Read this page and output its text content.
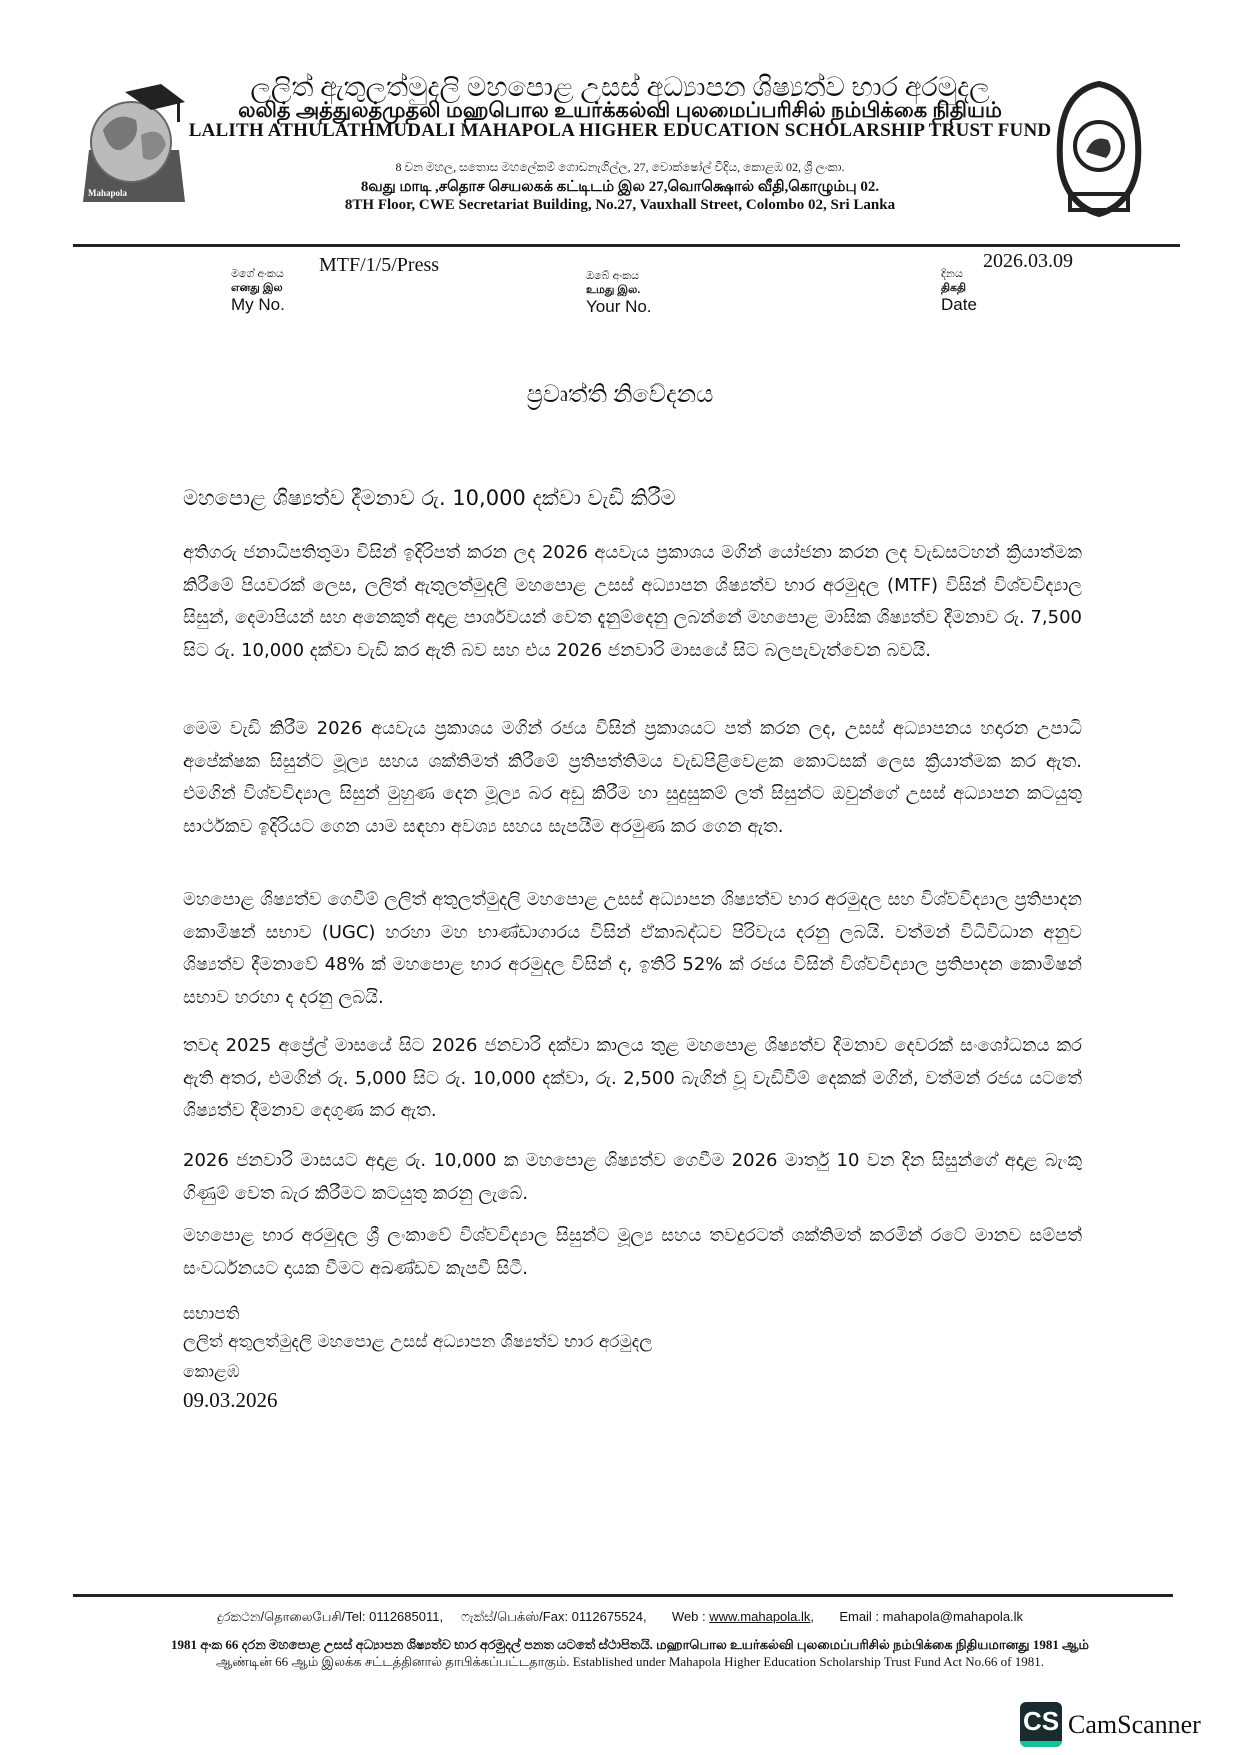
Mahapola
ලලිත් ඇතුලත්මුදලි මහපොළ උසස් අධ්‍යාපන ශිෂ්‍යත්ව භාර අරමුදල
லலித் அத்துலத்முதலி மஹபொல உயர்க்கல்வி புலமைப்பரிசில் நம்பிக்கை நிதியம்
LALITH ATHULATHMUDALI MAHAPOLA HIGHER EDUCATION SCHOLARSHIP TRUST FUND
8 වන මහල, සතොස මහලේකම් ගොඩනැගිල්ල, 27, වොක්ෂෝල් වීදිය, කොළඹ 02, ශ්‍රී ලංකා.
8வது மாடி ,சதொச செயலகக் கட்டிடம் இல 27,வொக்ஷொல் வீதி,கொழும்பு 02.
8TH Floor, CWE Secretariat Building, No.27, Vauxhall Street, Colombo 02, Sri Lanka
මගේ අංකය
எனது இல
My No.
MTF/1/5/Press	ඔබේ අංකය
உமது இல.
Your No.
දිනය
திகதி
Date
2026.03.09
ප්‍රවෘත්ති නිවේදනය
මහපොළ ශිෂ්‍යත්ව දීමනාව රු. 10,000 දක්වා වැඩි කිරීම

අතිගරු ජනාධිපතිතුමා විසින් ඉදිරිපත් කරන ලද 2026 අයවැය ප්‍රකාශය මගින් යෝජනා කරන ලද වැඩසටහන් ක්‍රියාත්මක කිරීමේ පියවරක් ලෙස, ලලිත් ඇතුලත්මුදලි මහපොළ උසස් අධ්‍යාපන ශිෂ්‍යත්ව භාර අරමුදල (MTF) විසින් විශ්වවිද්‍යාල සිසුන්, දෙමාපියන් සහ අනෙකුත් අදාළ පාර්ශවයන් වෙත දැනුම්දෙනු ලබන්නේ මහපොළ මාසික ශිෂ්‍යත්ව දීමනාව රු. 7,500 සිට රු. 10,000 දක්වා වැඩි කර ඇති බව සහ එය 2026 ජනවාරි මාසයේ සිට බලපැවැත්වෙන බවයි.

මෙම වැඩි කිරීම 2026 අයවැය ප්‍රකාශය මගින් රජය විසින් ප්‍රකාශයට පත් කරන ලද, උසස් අධ්‍යාපනය හදාරන උපාධි අපේක්ෂක සිසුන්ට මූල්‍ය සහය ශක්තිමත් කිරීමේ ප්‍රතිපත්තිමය වැඩපිළිවෙළක කොටසක් ලෙස ක්‍රියාත්මක කර ඇත. එමගින් විශ්වවිද්‍යාල සිසුන් මුහුණ දෙන මූල්‍ය බර අඩු කිරීම හා සුදුසුකම් ලත් සිසුන්ට ඔවුන්ගේ උසස් අධ්‍යාපන කටයුතු සාර්ථකව ඉදිරියට ගෙන යාම සඳහා අවශ්‍ය සහය සැපයීම අරමුණ කර ගෙන ඇත.

මහපොළ ශිෂ්‍යත්ව ගෙවීම් ලලිත් අතුලත්මුදලි මහපොළ උසස් අධ්‍යාපන ශිෂ්‍යත්ව භාර අරමුදල සහ විශ්වවිද්‍යාල ප්‍රතිපාදන කොමිෂන් සභාව (UGC) හරහා මහ භාණ්ඩාගාරය විසින් ඒකාබද්ධව පිරිවැය දරනු ලබයි. වත්මන් විධිවිධාන අනුව ශිෂ්‍යත්ව දීමනාවේ 48% ක් මහපොළ භාර අරමුදල විසින් ද, ඉතිරි 52% ක් රජය විසින් විශ්වවිද්‍යාල ප්‍රතිපාදන කොමිෂන් සභාව හරහා ද දරනු ලබයි.

තවද 2025 අප්‍රේල් මාසයේ සිට 2026 ජනවාරි දක්වා කාලය තුළ මහපොළ ශිෂ්‍යත්ව දීමනාව දෙවරක් සංශෝධනය කර ඇති අතර, එමගින් රු. 5,000 සිට රු. 10,000 දක්වා, රු. 2,500 බැගින් වූ වැඩිවීම් දෙකක් මගින්, වත්මන් රජය යටතේ ශිෂ්‍යත්ව දීමනාව දෙගුණ කර ඇත.

2026 ජනවාරි මාසයට අදාළ රු. 10,000 ක මහපොළ ශිෂ්‍යත්ව ගෙවීම 2026 මාර්තු 10 වන දින සිසුන්ගේ අදාළ බැංකු ගිණුම් වෙත බැර කිරීමට කටයුතු කරනු ලැබේ.

මහපොළ භාර අරමුදල ශ්‍රී ලංකාවේ විශ්වවිද්‍යාල සිසුන්ට මූල්‍ය සහය තවදුරටත් ශක්තිමත් කරමින් රටේ මානව සම්පත් සංවර්ධනයට දායක වීමට අඛණ්ඩව කැපවී සිටී.

සභාපති
ලලිත් අතුලත්මුදලි මහපොළ උසස් අධ්‍යාපන ශිෂ්‍යත්ව භාර අරමුදල
කොළඹ
09.03.2026
දුරකථන/தொலைபேசி/Tel: 0112685011, ෆැක්ස්/பெக்ஸ்/Fax: 0112675524, Web : www.mahapola.lk,       Email : mahapola@mahapola.lk
1981 අංක 66 දරන මහපොළ උසස් අධ්‍යාපන ශිෂ්‍යත්ව භාර අරමුදල් පනත යටතේ ස්ථාපිතයි. மஹாபொல உயர்கல்வி புலமைப்பரிசில் நம்பிக்கை நிதியமானது 1981 ஆம்
ஆண்டின் 66 ஆம் இலக்க சட்டத்தினால் தாபிக்கப்பட்டதாகும். Established under Mahapola Higher Education Scholarship Trust Fund Act No.66 of 1981.
CS CamScanner
